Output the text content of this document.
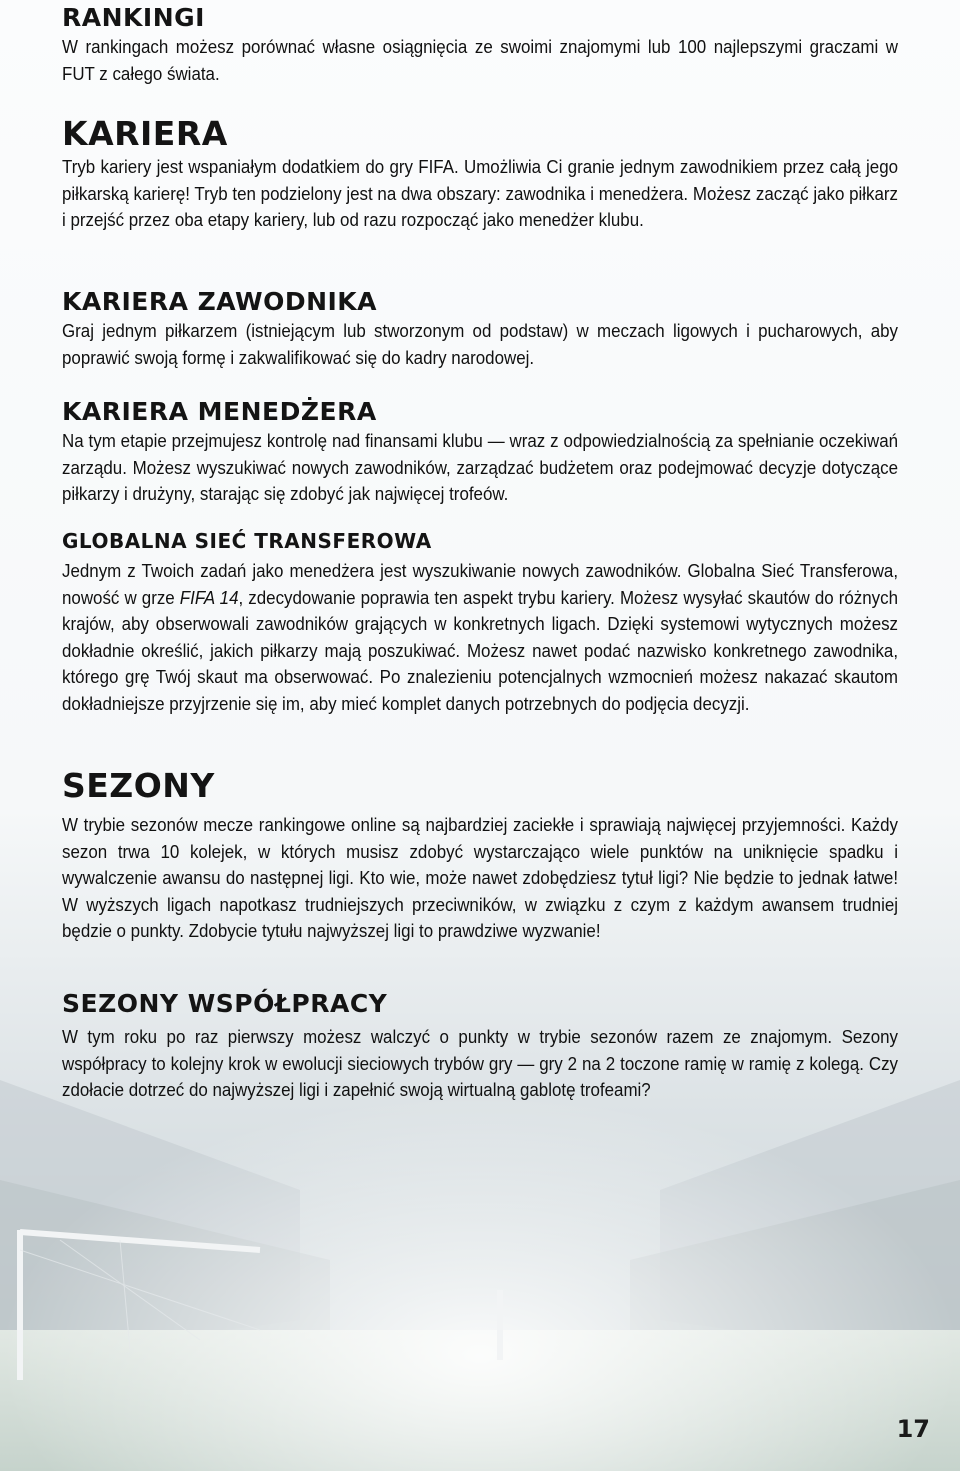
RANKINGI

W rankingach możesz porównać własne osiągnięcia ze swoimi znajomymi lub 100 najlepszymi graczami w FUT z całego świata.

KARIERA

Tryb kariery jest wspaniałym dodatkiem do gry FIFA. Umożliwia Ci granie jednym zawodnikiem przez całą jego piłkarską karierę! Tryb ten podzielony jest na dwa obszary: zawodnika i menedżera. Możesz zacząć jako piłkarz i przejść przez oba etapy kariery, lub od razu rozpocząć jako menedżer klubu.

KARIERA ZAWODNIKA

Graj jednym piłkarzem (istniejącym lub stworzonym od podstaw) w meczach ligowych i pucharowych, aby poprawić swoją formę i zakwalifikować się do kadry narodowej.

KARIERA MENEDŻERA

Na tym etapie przejmujesz kontrolę nad finansami klubu — wraz z odpowiedzialnością za spełnianie oczekiwań zarządu. Możesz wyszukiwać nowych zawodników, zarządzać budżetem oraz podejmować decyzje dotyczące piłkarzy i drużyny, starając się zdobyć jak najwięcej trofeów.

GLOBALNA SIEĆ TRANSFEROWA

Jednym z Twoich zadań jako menedżera jest wyszukiwanie nowych zawodników. Globalna Sieć Transferowa, nowość w grze FIFA 14, zdecydowanie poprawia ten aspekt trybu kariery. Możesz wysyłać skautów do różnych krajów, aby obserwowali zawodników grających w konkretnych ligach. Dzięki systemowi wytycznych możesz dokładnie określić, jakich piłkarzy mają poszukiwać. Możesz nawet podać nazwisko konkretnego zawodnika, którego grę Twój skaut ma obserwować. Po znalezieniu potencjalnych wzmocnień możesz nakazać skautom dokładniejsze przyjrzenie się im, aby mieć komplet danych potrzebnych do podjęcia decyzji.

SEZONY

W trybie sezonów mecze rankingowe online są najbardziej zaciekłe i sprawiają najwięcej przyjemności. Każdy sezon trwa 10 kolejek, w których musisz zdobyć wystarczająco wiele punktów na uniknięcie spadku i wywalczenie awansu do następnej ligi. Kto wie, może nawet zdobędziesz tytuł ligi? Nie będzie to jednak łatwe! W wyższych ligach napotkasz trudniejszych przeciwników, w związku z czym z każdym awansem trudniej będzie o punkty. Zdobycie tytułu najwyższej ligi to prawdziwe wyzwanie!

SEZONY WSPÓŁPRACY

W tym roku po raz pierwszy możesz walczyć o punkty w trybie sezonów razem ze znajomym. Sezony współpracy to kolejny krok w ewolucji sieciowych trybów gry — gry 2 na 2 toczone ramię w ramię z kolegą. Czy zdołacie dotrzeć do najwyższej ligi i zapełnić swoją wirtualną gablotę trofeami?

17
